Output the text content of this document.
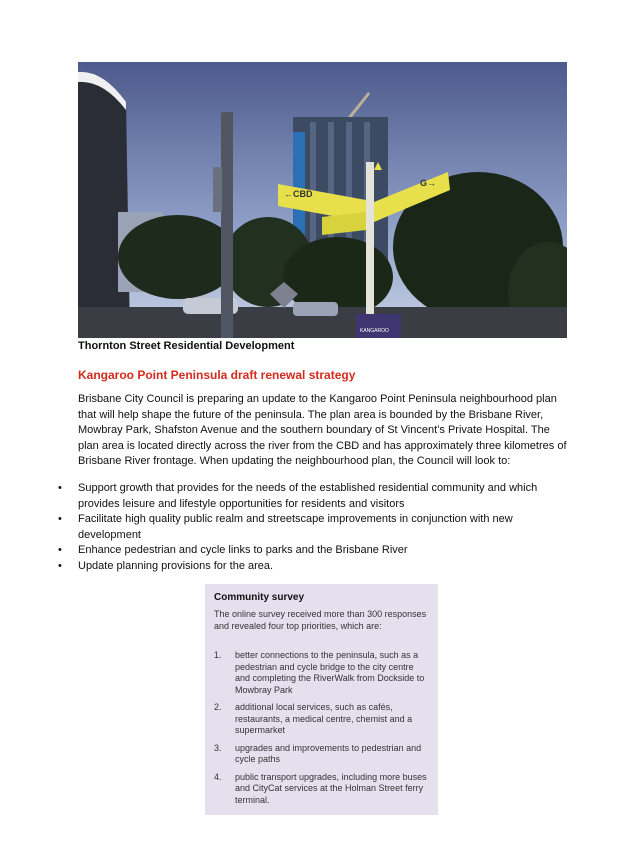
←CBD
G→
KANGAROO
Thornton Street Residential Development
Kangaroo Point Peninsula draft renewal strategy

Brisbane City Council is preparing an update to the Kangaroo Point Peninsula neighbourhood plan that will help shape the future of the peninsula. The plan area is bounded by the Brisbane River, Mowbray Park, Shafston Avenue and the southern boundary of St Vincent’s Private Hospital. The plan area is located directly across the river from the CBD and has approximately three kilometres of Brisbane River frontage. When updating the neighbourhood plan, the Council will look to:

• Support growth that provides for the needs of the established residential community and which provides leisure and lifestyle opportunities for residents and visitors
• Facilitate high quality public realm and streetscape improvements in conjunction with new development
• Enhance pedestrian and cycle links to parks and the Brisbane River
• Update planning provisions for the area.
Community survey

The online survey received more than 300 responses and revealed four top priorities, which are:

1. better connections to the peninsula, such as a pedestrian and cycle bridge to the city centre and completing the RiverWalk from Dockside to Mowbray Park
2. additional local services, such as cafés, restaurants, a medical centre, chemist and a supermarket
3. upgrades and improvements to pedestrian and cycle paths
4. public transport upgrades, including more buses and CityCat services at the Holman Street ferry terminal.
